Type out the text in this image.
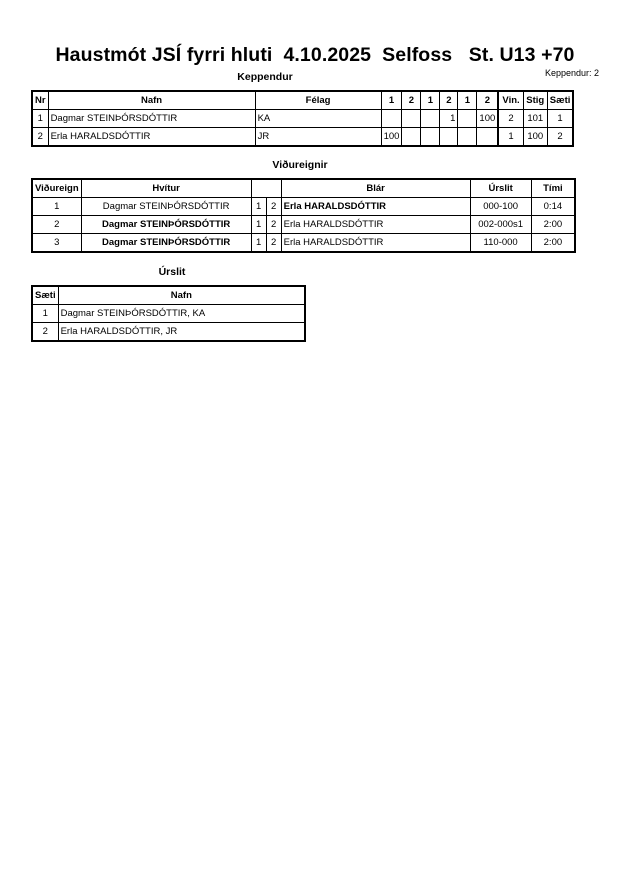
Haustmót JSÍ fyrri hluti  4.10.2025  Selfoss   St. U13 +70
Keppendur: 2
Keppendur
Nr	Nafn	Félag	1	2	1	2	1	2	Vin.	Stig	Sæti
1	Dagmar STEINÞÓRSDÓTTIR	KA				1		100	2	101	1
2	Erla HARALDSDÓTTIR	JR	100						1	100	2
Viðureignir
Viðureign	Hvítur			Blár	Úrslit	Tími
1	Dagmar STEINÞÓRSDÓTTIR	1	2	Erla HARALDSDÓTTIR	000-100	0:14
2	Dagmar STEINÞÓRSDÓTTIR	1	2	Erla HARALDSDÓTTIR	002-000s1	2:00
3	Dagmar STEINÞÓRSDÓTTIR	1	2	Erla HARALDSDÓTTIR	110-000	2:00
Úrslit
Sæti	Nafn
1	Dagmar STEINÞÓRSDÓTTIR, KA
2	Erla HARALDSDÓTTIR, JR
